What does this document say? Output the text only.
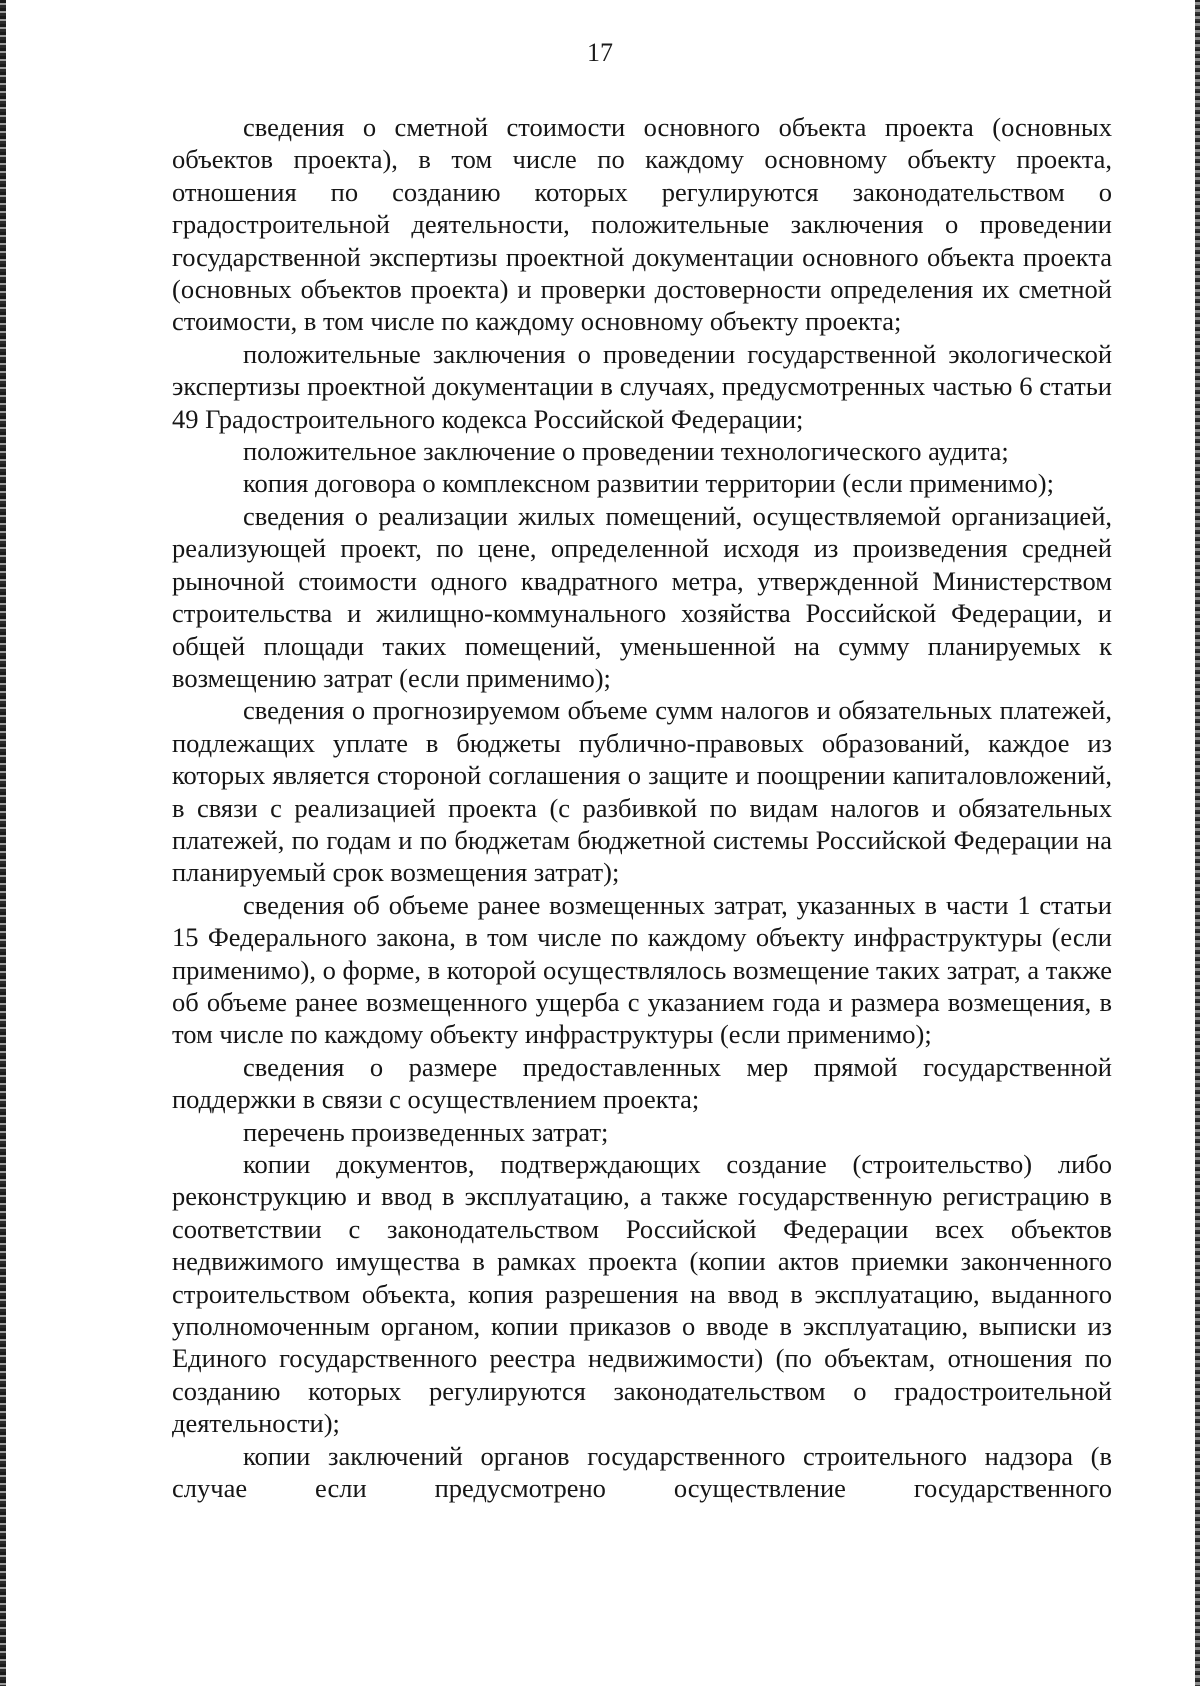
17

сведения о сметной стоимости основного объекта проекта (основных объектов проекта), в том числе по каждому основному объекту проекта, отношения по созданию которых регулируются законодательством о градостроительной деятельности, положительные заключения о проведении государственной экспертизы проектной документации основного объекта проекта (основных объектов проекта) и проверки достоверности определения их сметной стоимости, в том числе по каждому основному объекту проекта;

положительные заключения о проведении государственной экологической экспертизы проектной документации в случаях, предусмотренных частью 6 статьи 49 Градостроительного кодекса Российской Федерации;

положительное заключение о проведении технологического аудита;

копия договора о комплексном развитии территории (если применимо);

сведения о реализации жилых помещений, осуществляемой организацией, реализующей проект, по цене, определенной исходя из произведения средней рыночной стоимости одного квадратного метра, утвержденной Министерством строительства и жилищно-коммунального хозяйства Российской Федерации, и общей площади таких помещений, уменьшенной на сумму планируемых к возмещению затрат (если применимо);

сведения о прогнозируемом объеме сумм налогов и обязательных платежей, подлежащих уплате в бюджеты публично-правовых образований, каждое из которых является стороной соглашения о защите и поощрении капиталовложений, в связи с реализацией проекта (с разбивкой по видам налогов и обязательных платежей, по годам и по бюджетам бюджетной системы Российской Федерации на планируемый срок возмещения затрат);

сведения об объеме ранее возмещенных затрат, указанных в части 1 статьи 15 Федерального закона, в том числе по каждому объекту инфраструктуры (если применимо), о форме, в которой осуществлялось возмещение таких затрат, а также об объеме ранее возмещенного ущерба с указанием года и размера возмещения, в том числе по каждому объекту инфраструктуры (если применимо);

сведения о размере предоставленных мер прямой государственной поддержки в связи с осуществлением проекта;

перечень произведенных затрат;

копии документов, подтверждающих создание (строительство) либо реконструкцию и ввод в эксплуатацию, а также государственную регистрацию в соответствии с законодательством Российской Федерации всех объектов недвижимого имущества в рамках проекта (копии актов приемки законченного строительством объекта, копия разрешения на ввод в эксплуатацию, выданного уполномоченным органом, копии приказов о вводе в эксплуатацию, выписки из Единого государственного реестра недвижимости) (по объектам, отношения по созданию которых регулируются законодательством о градостроительной деятельности);

копии заключений органов государственного строительного надзора (в случае если предусмотрено осуществление государственного
